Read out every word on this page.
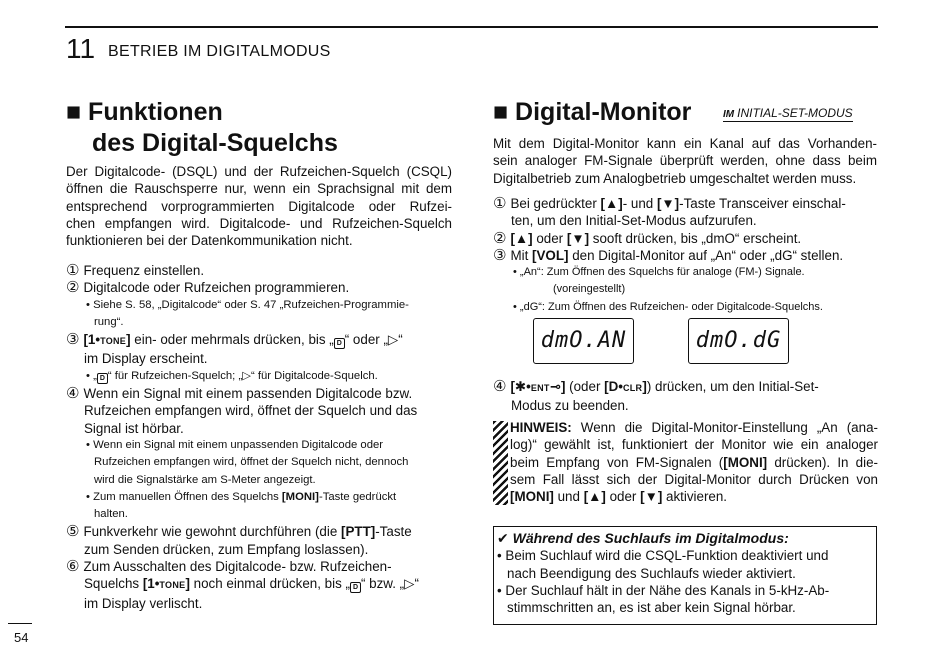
11 BETRIEB IM DIGITALMODUS
■ Funktionen
des Digital-Squelchs
Der Digitalcode- (DSQL) und der Rufzeichen-Squelch (CSQL)
öffnen die Rauschsperre nur, wenn ein Sprachsignal mit dem
entsprechend vorprogrammierten Digitalcode oder Rufzei-
chen empfangen wird. Digitalcode- und Rufzeichen-Squelch
funktionieren bei der Datenkommunikation nicht.
① Frequenz einstellen.
② Digitalcode oder Rufzeichen programmieren.
• Siehe S. 58, „Digitalcode“ oder S. 47 „Rufzeichen-Programmie-
rung“.
③ [1•TONE] ein- oder mehrmals drücken, bis „ D “ oder „▷“
im Display erscheint.
• „ D “ für Rufzeichen-Squelch; „▷“ für Digitalcode-Squelch.
④ Wenn ein Signal mit einem passenden Digitalcode bzw.
Rufzeichen empfangen wird, öffnet der Squelch und das
Signal ist hörbar.
• Wenn ein Signal mit einem unpassenden Digitalcode oder
Rufzeichen empfangen wird, öffnet der Squelch nicht, dennoch
wird die Signalstärke am S-Meter angezeigt.
• Zum manuellen Öffnen des Squelchs [MONI]-Taste gedrückt
halten.
⑤ Funkverkehr wie gewohnt durchführen (die [PTT]-Taste
zum Senden drücken, zum Empfang loslassen).
⑥ Zum Ausschalten des Digitalcode- bzw. Rufzeichen-
Squelchs [1•TONE] noch einmal drücken, bis „ D “ bzw. „▷“
im Display verlischt.
■ Digital-Monitor	IM INITIAL-SET-MODUS
Mit dem Digital-Monitor kann ein Kanal auf das Vorhanden-
sein analoger FM-Signale überprüft werden, ohne dass beim
Digitalbetrieb zum Analogbetrieb umgeschaltet werden muss.
① Bei gedrückter [▲]- und [▼]-Taste Transceiver einschal-
ten, um den Initial-Set-Modus aufzurufen.
② [▲] oder [▼] sooft drücken, bis „dmO“ erscheint.
③ Mit [VOL] den Digital-Monitor auf „An“ oder „dG“ stellen.
• „An“: Zum Öffnen des Squelchs für analoge (FM-) Signale.
(voreingestellt)
• „dG“: Zum Öffnen des Rufzeichen- oder Digitalcode-Squelchs.
dmO.AN	dmO.dG
④ [✱•ENT⊸] (oder [D•CLR]) drücken, um den Initial-Set-
Modus zu beenden.
HINWEIS: Wenn die Digital-Monitor-Einstellung „An (ana-
log)“ gewählt ist, funktioniert der Monitor wie ein analoger
beim Empfang von FM-Signalen ([MONI] drücken). In die-
sem Fall lässt sich der Digital-Monitor durch Drücken von
[MONI] und [▲] oder [▼] aktivieren.
✔ Während des Suchlaufs im Digitalmodus:
• Beim Suchlauf wird die CSQL-Funktion deaktiviert und
nach Beendigung des Suchlaufs wieder aktiviert.
• Der Suchlauf hält in der Nähe des Kanals in 5-kHz-Ab-
stimmschritten an, es ist aber kein Signal hörbar.
54
